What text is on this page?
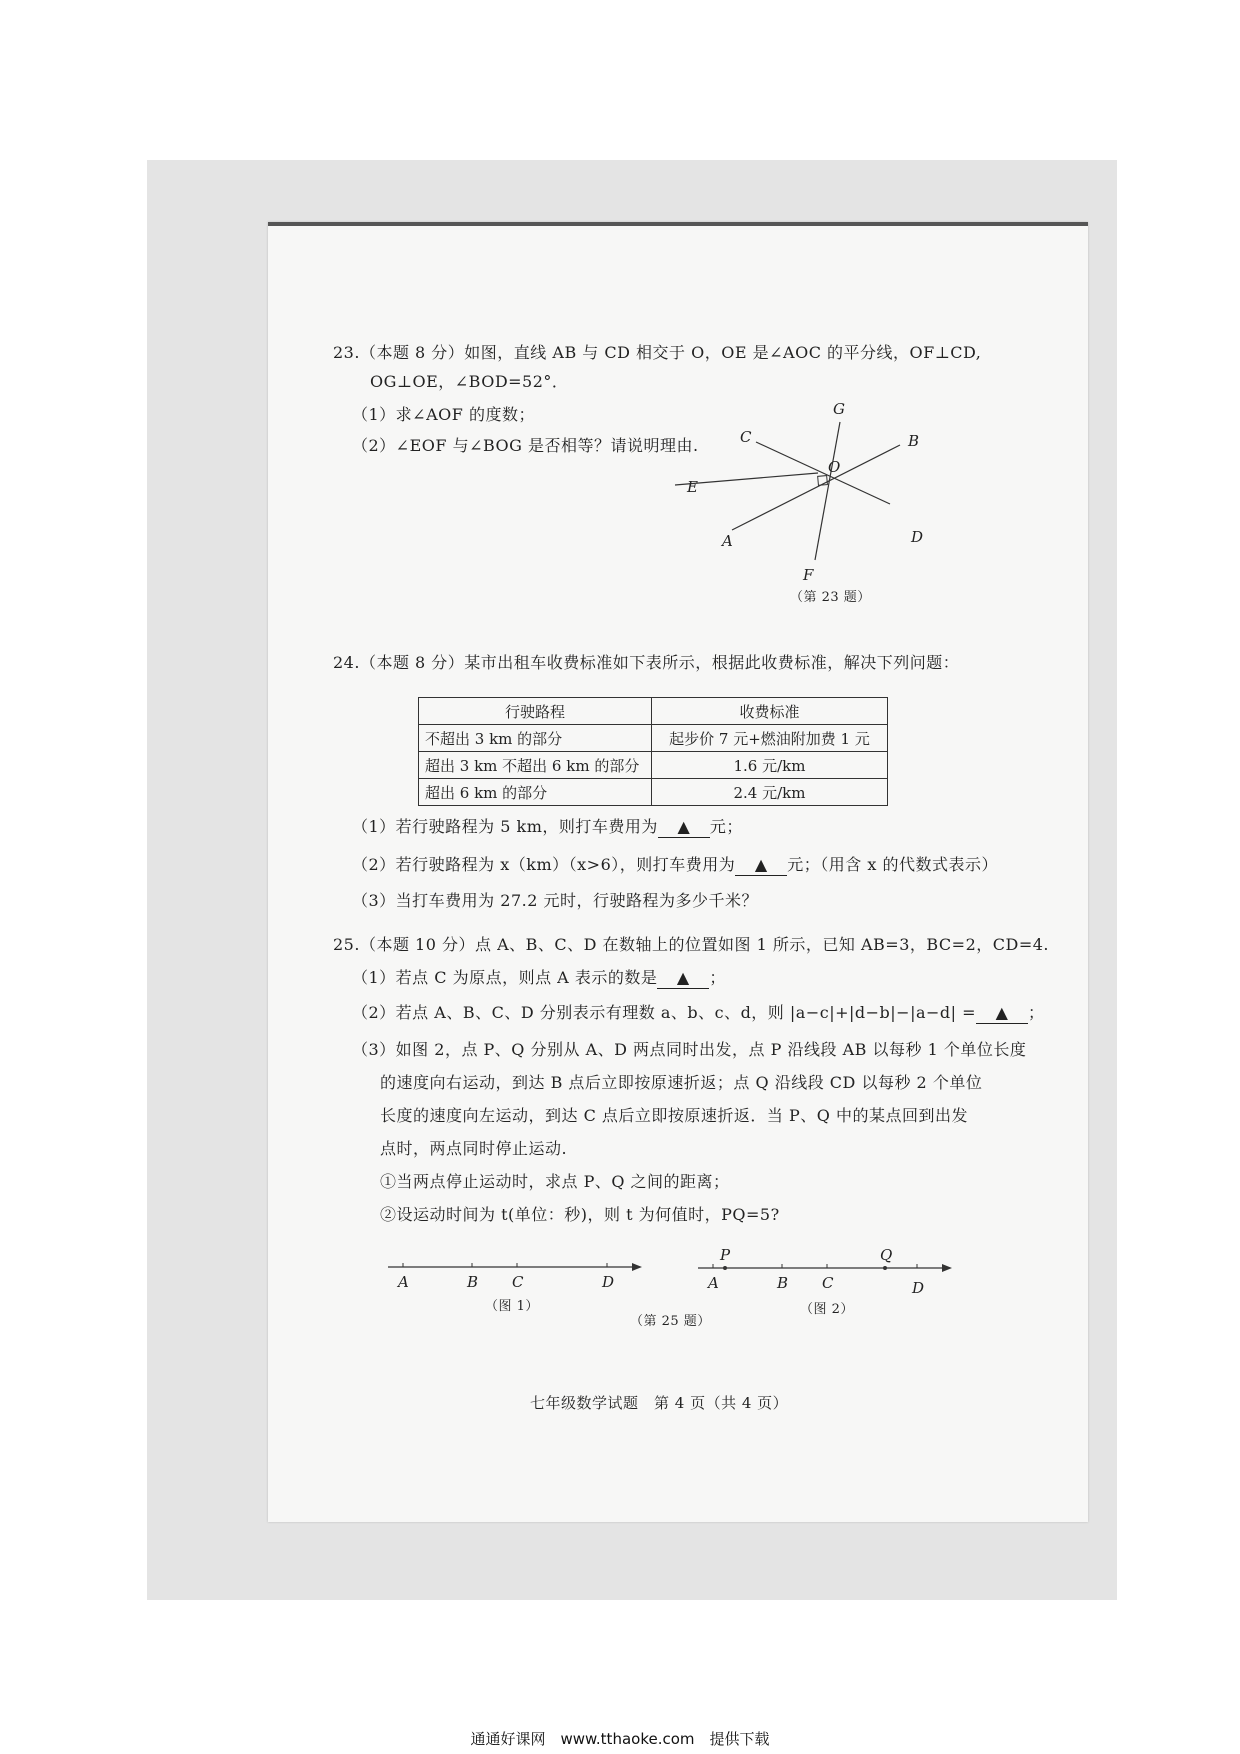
23.（本题 8 分）如图，直线 AB 与 CD 相交于 O，OE 是∠AOC 的平分线，OF⊥CD,
OG⊥OE，∠BOD=52°．
（1）求∠AOF 的度数；
（2）∠EOF 与∠BOG 是否相等？请说明理由.
G
B
C
O
E
A	D
F
（第 23 题）
24.（本题 8 分）某市出租车收费标准如下表所示，根据此收费标准，解决下列问题：
行驶路程	收费标准
不超出 3 km 的部分	起步价 7 元+燃油附加费 1 元
超出 3 km 不超出 6 km 的部分	1.6 元/km
超出 6 km 的部分	2.4 元/km
（1）若行驶路程为 5 km，则打车费用为 ▲ 元；
（2）若行驶路程为 x（km）（x>6），则打车费用为 ▲ 元；（用含 x 的代数式表示）
（3）当打车费用为 27.2 元时，行驶路程为多少千米？
25.（本题 10 分）点 A、B、C、D 在数轴上的位置如图 1 所示，已知 AB=3，BC=2，CD=4.
（1）若点 C 为原点，则点 A 表示的数是 ▲ ；
（2）若点 A、B、C、D 分别表示有理数 a、b、c、d，则 |a−c|+|d−b|−|a−d| = ▲ ；
（3）如图 2，点 P、Q 分别从 A、D 两点同时出发，点 P 沿线段 AB 以每秒 1 个单位长度
的速度向右运动，到达 B 点后立即按原速折返；点 Q 沿线段 CD 以每秒 2 个单位
长度的速度向左运动，到达 C 点后立即按原速折返．当 P、Q 中的某点回到出发
点时，两点同时停止运动.
①当两点停止运动时，求点 P、Q 之间的距离；
②设运动时间为 t(单位：秒)，则 t 为何值时，PQ=5?
A	B C	D
（图 1）
P	Q
A	B C	D
（图 2）
（第 25 题）
七年级数学试题　第 4 页（共 4 页）
通通好课网　www.tthaoke.com　提供下载
